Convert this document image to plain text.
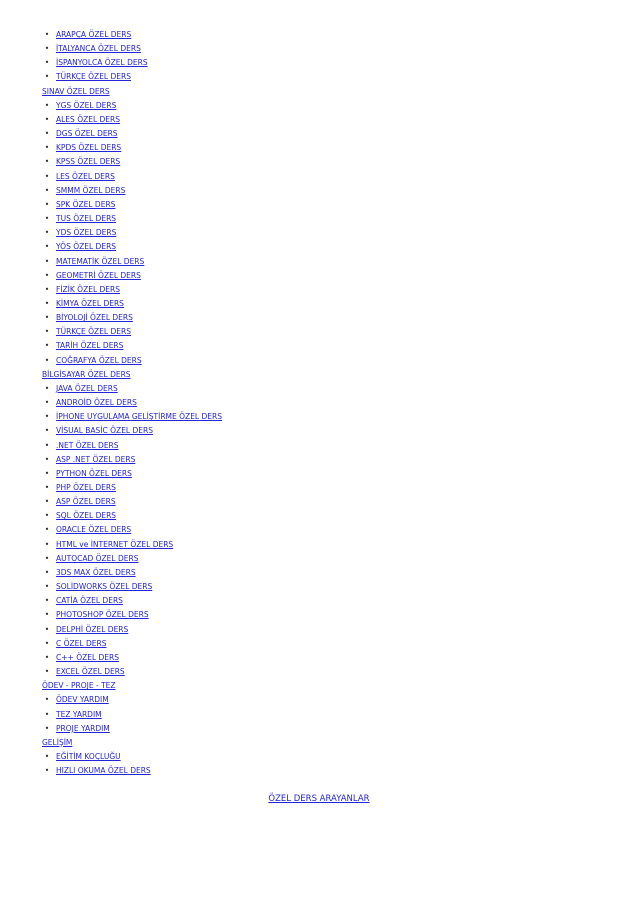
• ARAPÇA ÖZEL DERS
• İTALYANCA ÖZEL DERS
• İSPANYOLCA ÖZEL DERS
• TÜRKÇE ÖZEL DERS
SINAV ÖZEL DERS
• YGS ÖZEL DERS
• ALES ÖZEL DERS
• DGS ÖZEL DERS
• KPDS ÖZEL DERS
• KPSS ÖZEL DERS
• LES ÖZEL DERS
• SMMM ÖZEL DERS
• SPK ÖZEL DERS
• TUS ÖZEL DERS
• YDS ÖZEL DERS
• YÖS ÖZEL DERS
• MATEMATİK ÖZEL DERS
• GEOMETRİ ÖZEL DERS
• FİZİK ÖZEL DERS
• KİMYA ÖZEL DERS
• BİYOLOJİ ÖZEL DERS
• TÜRKÇE ÖZEL DERS
• TARİH ÖZEL DERS
• COĞRAFYA ÖZEL DERS
BİLGİSAYAR ÖZEL DERS
• JAVA ÖZEL DERS
• ANDROİD ÖZEL DERS
• İPHONE UYGULAMA GELİŞTİRME ÖZEL DERS
• VİSUAL BASİC ÖZEL DERS
• .NET ÖZEL DERS
• ASP .NET ÖZEL DERS
• PYTHON ÖZEL DERS
• PHP ÖZEL DERS
• ASP ÖZEL DERS
• SQL ÖZEL DERS
• ORACLE ÖZEL DERS
• HTML ve İNTERNET ÖZEL DERS
• AUTOCAD ÖZEL DERS
• 3DS MAX ÖZEL DERS
• SOLİDWORKS ÖZEL DERS
• CATİA ÖZEL DERS
• PHOTOSHOP ÖZEL DERS
• DELPHİ ÖZEL DERS
• C ÖZEL DERS
• C++ ÖZEL DERS
• EXCEL ÖZEL DERS
ÖDEV - PROJE - TEZ
• ÖDEV YARDIM
• TEZ YARDIM
• PROJE YARDIM
GELİŞİM
• EĞİTİM KOÇLUĞU
• HIZLI OKUMA ÖZEL DERS
ÖZEL DERS ARAYANLAR
